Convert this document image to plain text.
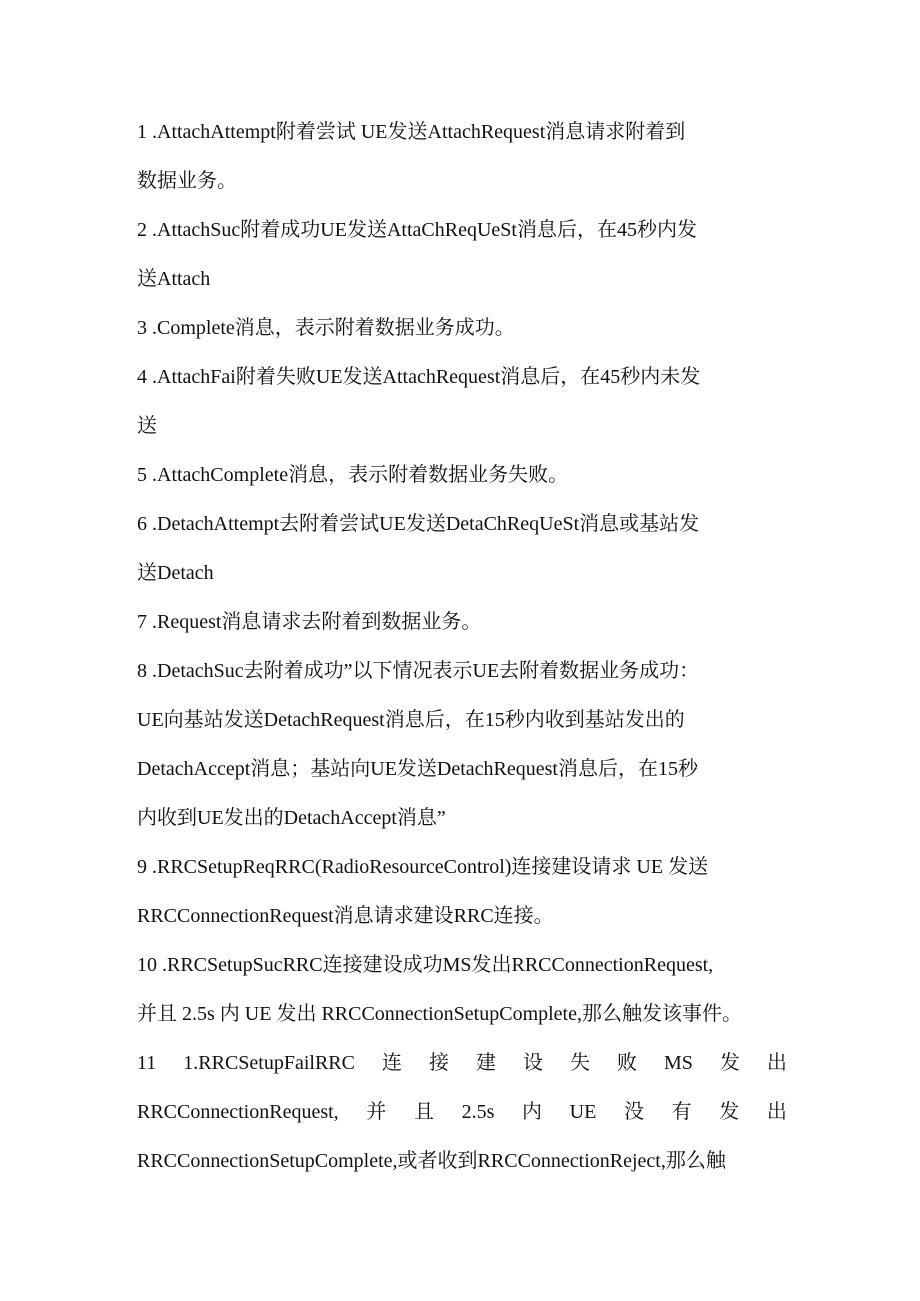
1 .AttachAttempt附着尝试 UE发送AttachRequest消息请求附着到
数据业务。
2 .AttachSuc附着成功UE发送AttaChReqUeSt消息后，在45秒内发
送Attach
3 .Complete消息，表示附着数据业务成功。
4 .AttachFai附着失败UE发送AttachRequest消息后，在45秒内未发
送
5 .AttachComplete消息，表示附着数据业务失败。
6 .DetachAttempt去附着尝试UE发送DetaChReqUeSt消息或基站发
送Detach
7 .Request消息请求去附着到数据业务。
8 .DetachSuc去附着成功”以下情况表示UE去附着数据业务成功：
UE向基站发送DetachRequest消息后，在15秒内收到基站发出的
DetachAccept消息；基站向UE发送DetachRequest消息后，在15秒
内收到UE发出的DetachAccept消息”
9 .RRCSetupReqRRC(RadioResourceControl)连接建设请求 UE 发送
RRCConnectionRequest消息请求建设RRC连接。
10 .RRCSetupSucRRC连接建设成功MS发出RRCConnectionRequest,
并且 2.5s 内 UE 发出 RRCConnectionSetupComplete,那么触发该事件。
11 1.RRCSetupFailRRC 连 接 建 设 失 败 MS 发 出
RRCConnectionRequest, 并 且 2.5s 内 UE 没 有 发 出
RRCConnectionSetupComplete,或者收到RRCConnectionReject,那么触
